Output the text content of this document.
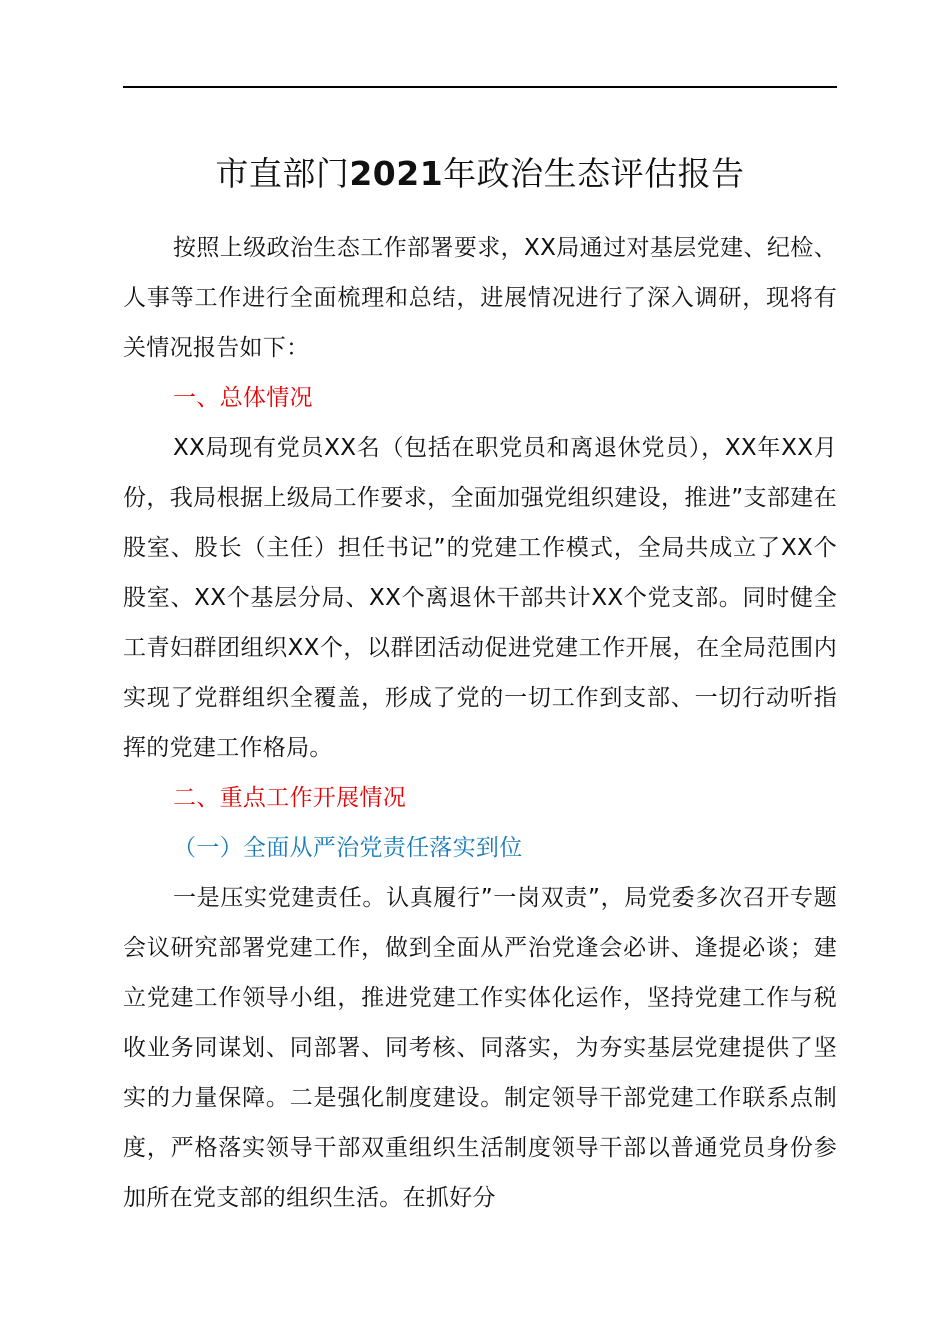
市直部门2021年政治生态评估报告

按照上级政治生态工作部署要求，XX局通过对基层党建、纪检、人事等工作进行全面梳理和总结，进展情况进行了深入调研，现将有关情况报告如下：

一、总体情况

XX局现有党员XX名（包括在职党员和离退休党员），XX年XX月份，我局根据上级局工作要求，全面加强党组织建设，推进”支部建在股室、股长（主任）担任书记”的党建工作模式，全局共成立了XX个股室、XX个基层分局、XX个离退休干部共计XX个党支部。同时健全工青妇群团组织XX个，以群团活动促进党建工作开展，在全局范围内实现了党群组织全覆盖，形成了党的一切工作到支部、一切行动听指挥的党建工作格局。

二、重点工作开展情况

（一）全面从严治党责任落实到位

一是压实党建责任。认真履行”一岗双责”，局党委多次召开专题会议研究部署党建工作，做到全面从严治党逢会必讲、逢提必谈；建立党建工作领导小组，推进党建工作实体化运作，坚持党建工作与税收业务同谋划、同部署、同考核、同落实，为夯实基层党建提供了坚实的力量保障。二是强化制度建设。制定领导干部党建工作联系点制度，严格落实领导干部双重组织生活制度领导干部以普通党员身份参加所在党支部的组织生活。在抓好分
